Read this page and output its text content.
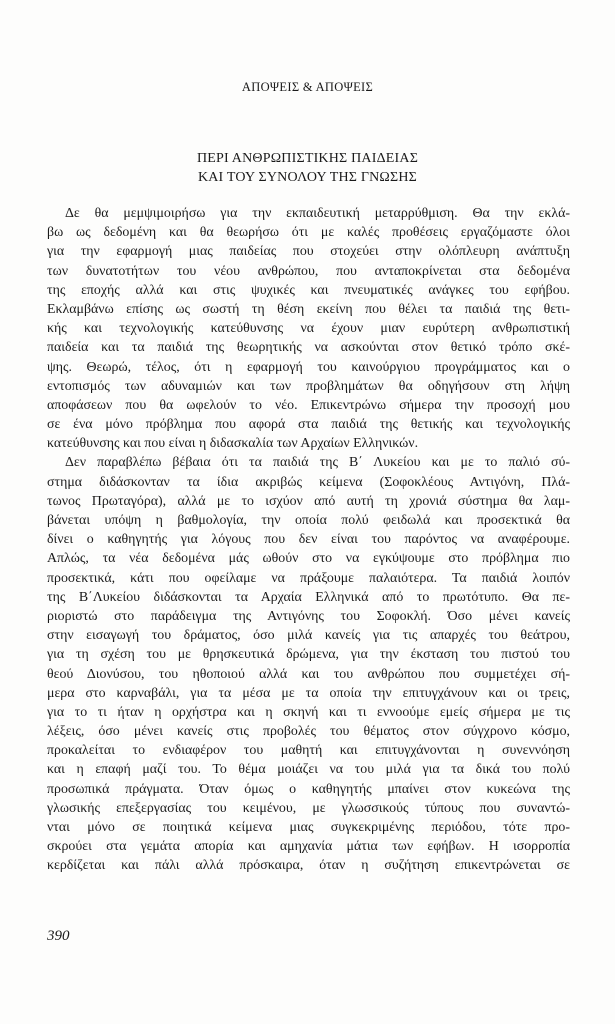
ΑΠΟΨΕΙΣ & ΑΠΟΨΕΙΣ

ΠΕΡΙ ΑΝΘΡΩΠΙΣΤΙΚΗΣ ΠΑΙΔΕΙΑΣ
ΚΑΙ ΤΟΥ ΣΥΝΟΛΟΥ ΤΗΣ ΓΝΩΣΗΣ
Δε θα μεμψιμοιρήσω για την εκπαιδευτική μεταρρύθμιση. Θα την εκλά-
βω ως δεδομένη και θα θεωρήσω ότι με καλές προθέσεις εργαζόμαστε όλοι
για την εφαρμογή μιας παιδείας που στοχεύει στην ολόπλευρη ανάπτυξη
των δυνατοτήτων του νέου ανθρώπου, που ανταποκρίνεται στα δεδομένα
της εποχής αλλά και στις ψυχικές και πνευματικές ανάγκες του εφήβου.
Εκλαμβάνω επίσης ως σωστή τη θέση εκείνη που θέλει τα παιδιά της θετι-
κής και τεχνολογικής κατεύθυνσης να έχουν μιαν ευρύτερη ανθρωπιστική
παιδεία και τα παιδιά της θεωρητικής να ασκούνται στον θετικό τρόπο σκέ-
ψης. Θεωρώ, τέλος, ότι η εφαρμογή του καινούργιου προγράμματος και ο
εντοπισμός των αδυναμιών και των προβλημάτων θα οδηγήσουν στη λήψη
αποφάσεων που θα ωφελούν το νέο. Επικεντρώνω σήμερα την προσοχή μου
σε ένα μόνο πρόβλημα που αφορά στα παιδιά της θετικής και τεχνολογικής
κατεύθυνσης και που είναι η διδασκαλία των Αρχαίων Ελληνικών.
Δεν παραβλέπω βέβαια ότι τα παιδιά της Β΄ Λυκείου και με το παλιό σύ-
στημα διδάσκονταν τα ίδια ακριβώς κείμενα (Σοφοκλέους Αντιγόνη, Πλά-
τωνος Πρωταγόρα), αλλά με το ισχύον από αυτή τη χρονιά σύστημα θα λαμ-
βάνεται υπόψη η βαθμολογία, την οποία πολύ φειδωλά και προσεκτικά θα
δίνει ο καθηγητής για λόγους που δεν είναι του παρόντος να αναφέρουμε.
Απλώς, τα νέα δεδομένα μάς ωθούν στο να εγκύψουμε στο πρόβλημα πιο
προσεκτικά, κάτι που οφείλαμε να πράξουμε παλαιότερα. Τα παιδιά λοιπόν
της Β΄Λυκείου διδάσκονται τα Αρχαία Ελληνικά από το πρωτότυπο. Θα πε-
ριοριστώ στο παράδειγμα της Αντιγόνης του Σοφοκλή. Όσο μένει κανείς
στην εισαγωγή του δράματος, όσο μιλά κανείς για τις απαρχές του θεάτρου,
για τη σχέση του με θρησκευτικά δρώμενα, για την έκσταση του πιστού του
θεού Διονύσου, του ηθοποιού αλλά και του ανθρώπου που συμμετέχει σή-
μερα στο καρναβάλι, για τα μέσα με τα οποία την επιτυγχάνουν και οι τρεις,
για το τι ήταν η ορχήστρα και η σκηνή και τι εννοούμε εμείς σήμερα με τις
λέξεις, όσο μένει κανείς στις προβολές του θέματος στον σύγχρονο κόσμο,
προκαλείται το ενδιαφέρον του μαθητή και επιτυγχάνονται η συνεννόηση
και η επαφή μαζί του. Το θέμα μοιάζει να του μιλά για τα δικά του πολύ
προσωπικά πράγματα. Όταν όμως ο καθηγητής μπαίνει στον κυκεώνα της
γλωσικής επεξεργασίας του κειμένου, με γλωσσικούς τύπους που συναντώ-
νται μόνο σε ποιητικά κείμενα μιας συγκεκριμένης περιόδου, τότε προ-
σκρούει στα γεμάτα απορία και αμηχανία μάτια των εφήβων. Η ισορροπία
κερδίζεται και πάλι αλλά πρόσκαιρα, όταν η συζήτηση επικεντρώνεται σε

390
